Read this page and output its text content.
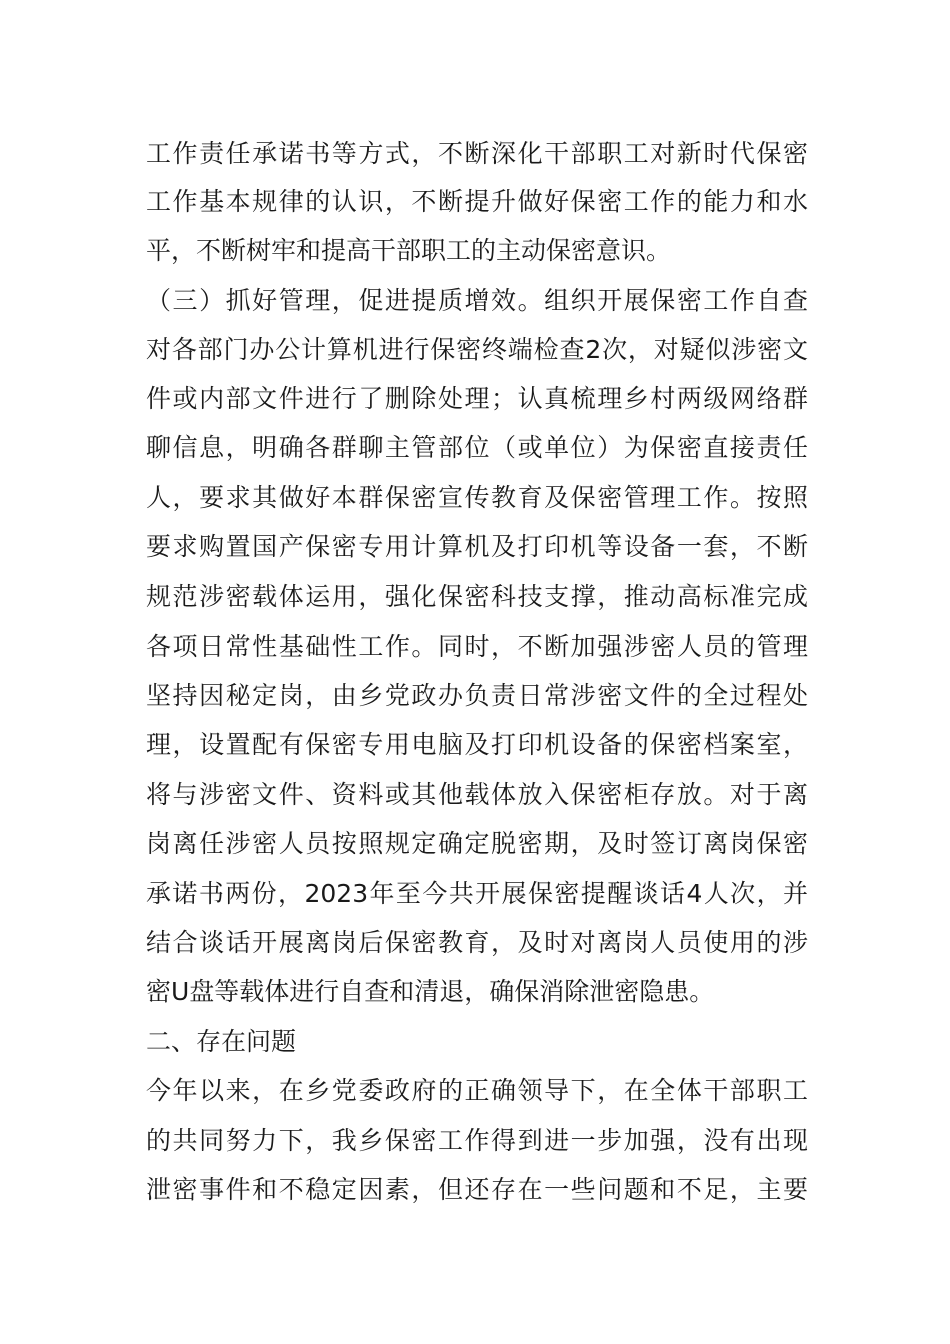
工作责任承诺书等方式，不断深化干部职工对新时代保密
工作基本规律的认识，不断提升做好保密工作的能力和水
平，不断树牢和提高干部职工的主动保密意识。
（三）抓好管理，促进提质增效。组织开展保密工作自查
对各部门办公计算机进行保密终端检查2次，对疑似涉密文
件或内部文件进行了删除处理；认真梳理乡村两级网络群
聊信息，明确各群聊主管部位（或单位）为保密直接责任
人，要求其做好本群保密宣传教育及保密管理工作。按照
要求购置国产保密专用计算机及打印机等设备一套，不断
规范涉密载体运用，强化保密科技支撑，推动高标准完成
各项日常性基础性工作。同时，不断加强涉密人员的管理
坚持因秘定岗，由乡党政办负责日常涉密文件的全过程处
理，设置配有保密专用电脑及打印机设备的保密档案室，
将与涉密文件、资料或其他载体放入保密柜存放。对于离
岗离任涉密人员按照规定确定脱密期，及时签订离岗保密
承诺书两份，2023年至今共开展保密提醒谈话4人次，并
结合谈话开展离岗后保密教育，及时对离岗人员使用的涉
密U盘等载体进行自查和清退，确保消除泄密隐患。
二、存在问题
今年以来，在乡党委政府的正确领导下，在全体干部职工
的共同努力下，我乡保密工作得到进一步加强，没有出现
泄密事件和不稳定因素，但还存在一些问题和不足，主要
